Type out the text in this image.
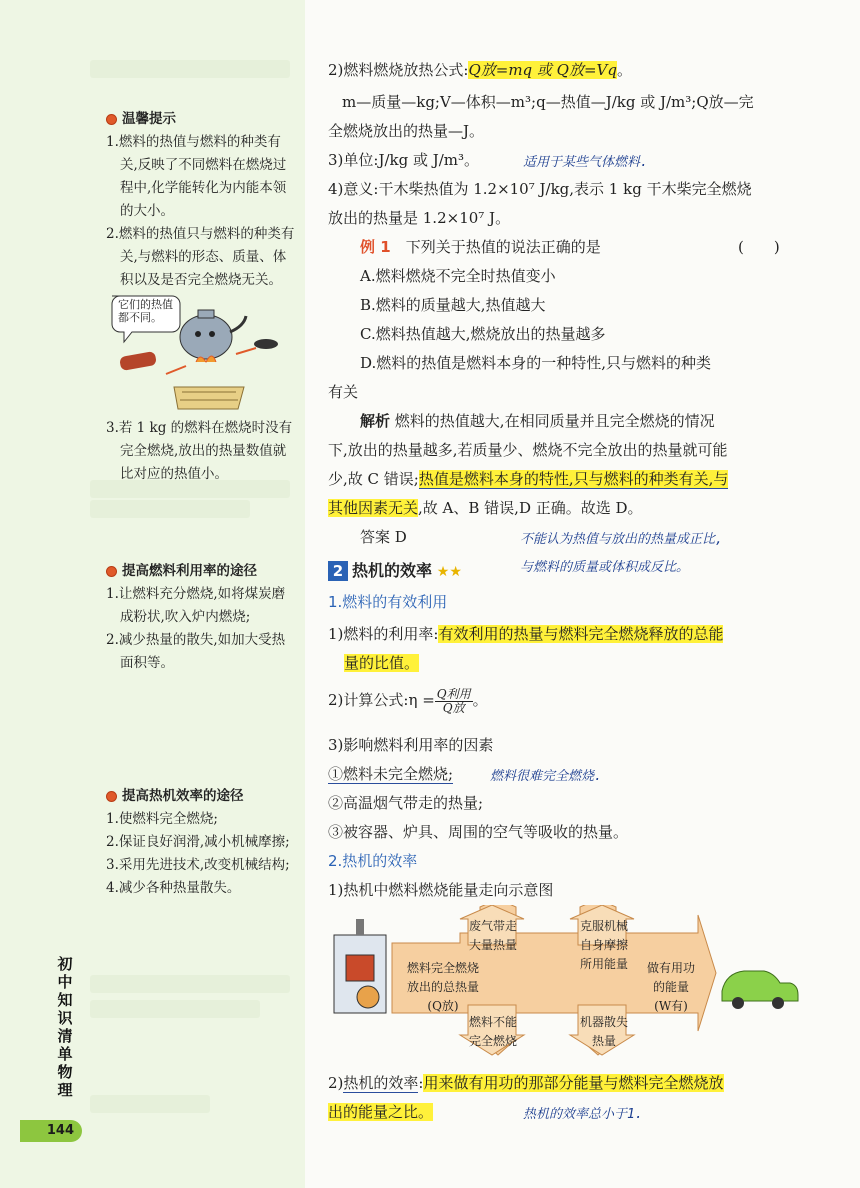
温馨提示

1.燃料的热值与燃料的种类有关,反映了不同燃料在燃烧过程中,化学能转化为内能本领的大小。

2.燃料的热值只与燃料的种类有关,与燃料的形态、质量、体积以及是否完全燃烧无关。

它们的热值都不同。

3.若 1 kg 的燃料在燃烧时没有完全燃烧,放出的热量数值就比对应的热值小。

提高燃料利用率的途径

1.让燃料充分燃烧,如将煤炭磨成粉状,吹入炉内燃烧;

2.减少热量的散失,如加大受热面积等。

提高热机效率的途径

1.使燃料完全燃烧;

2.保证良好润滑,减小机械摩擦;

3.采用先进技术,改变机械结构;

4.减少各种热量散失。

初中知识清单 物理
144
2)燃料燃烧放热公式:Q放=mq 或 Q放=Vq。
m—质量—kg;V—体积—m³;q—热值—J/kg 或 J/m³;Q放—完
全燃烧放出的热量—J。
3)单位:J/kg 或 J/m³。	适用于某些气体燃料.
4)意义:干木柴热值为 1.2×10⁷ J/kg,表示 1 kg 干木柴完全燃烧
放出的热量是 1.2×10⁷ J。
例 1　 下列关于热值的说法正确的是	(　　)
A.燃料燃烧不完全时热值变小
B.燃料的质量越大,热值越大
C.燃料热值越大,燃烧放出的热量越多
D.燃料的热值是燃料本身的一种特性,只与燃料的种类
有关
解析 燃料的热值越大,在相同质量并且完全燃烧的情况
下,放出的热量越多,若质量少、燃烧不完全放出的热量就可能
少,故 C 错误;热值是燃料本身的特性,只与燃料的种类有关,与
其他因素无关,故 A、B 错误,D 正确。故选 D。
答案 D	不能认为热值与放出的热量成正比,
与燃料的质量或体积成反比。
2 热机的效率 ★★
1.燃料的有效利用
1)燃料的利用率:有效利用的热量与燃料完全燃烧释放的总能
量的比值。
2)计算公式:η = $\frac{\text{Q利用}}{\text{Q放}}$。
3)影响燃料利用率的因素
①燃料未完全燃烧;	燃料很难完全燃烧.
②高温烟气带走的热量;
③被容器、炉具、周围的空气等吸收的热量。
2.热机的效率
1)热机中燃料燃烧能量走向示意图
2)热机的效率:用来做有用功的那部分能量与燃料完全燃烧放
出的能量之比。	热机的效率总小于1.
燃料完全燃烧
放出的总热量
(Q放)
废气带走
大量热量
燃料不能
完全燃烧
克服机械
自身摩擦
所用能量
机器散失
热量
做有用功
的能量
(W有)
